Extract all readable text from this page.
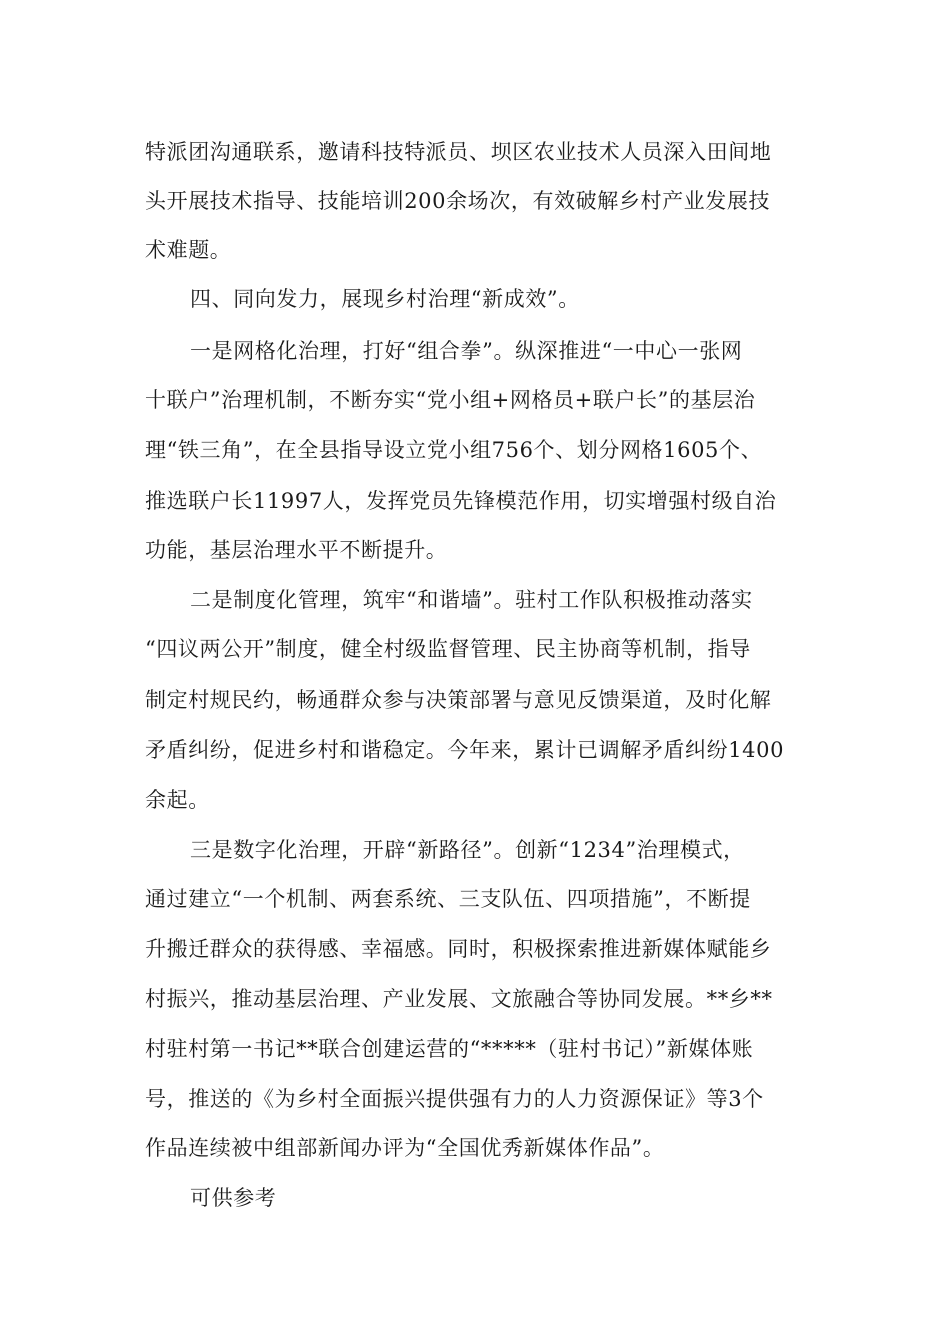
特派团沟通联系，邀请科技特派员、坝区农业技术人员深入田间地
头开展技术指导、技能培训200余场次，有效破解乡村产业发展技
术难题。
四、同向发力，展现乡村治理“新成效”。
一是网格化治理，打好“组合拳”。纵深推进“一中心一张网
十联户”治理机制，不断夯实“党小组+网格员+联户长”的基层治
理“铁三角”，在全县指导设立党小组756个、划分网格1605个、
推选联户长11997人，发挥党员先锋模范作用，切实增强村级自治
功能，基层治理水平不断提升。
二是制度化管理，筑牢“和谐墙”。驻村工作队积极推动落实
“四议两公开”制度，健全村级监督管理、民主协商等机制，指导
制定村规民约，畅通群众参与决策部署与意见反馈渠道，及时化解
矛盾纠纷，促进乡村和谐稳定。今年来，累计已调解矛盾纠纷1400
余起。
三是数字化治理，开辟“新路径”。创新“1234”治理模式，
通过建立“一个机制、两套系统、三支队伍、四项措施”，不断提
升搬迁群众的获得感、幸福感。同时，积极探索推进新媒体赋能乡
村振兴，推动基层治理、产业发展、文旅融合等协同发展。**乡**
村驻村第一书记**联合创建运营的“*****（驻村书记）”新媒体账
号，推送的《为乡村全面振兴提供强有力的人力资源保证》等3个
作品连续被中组部新闻办评为“全国优秀新媒体作品”。
可供参考
